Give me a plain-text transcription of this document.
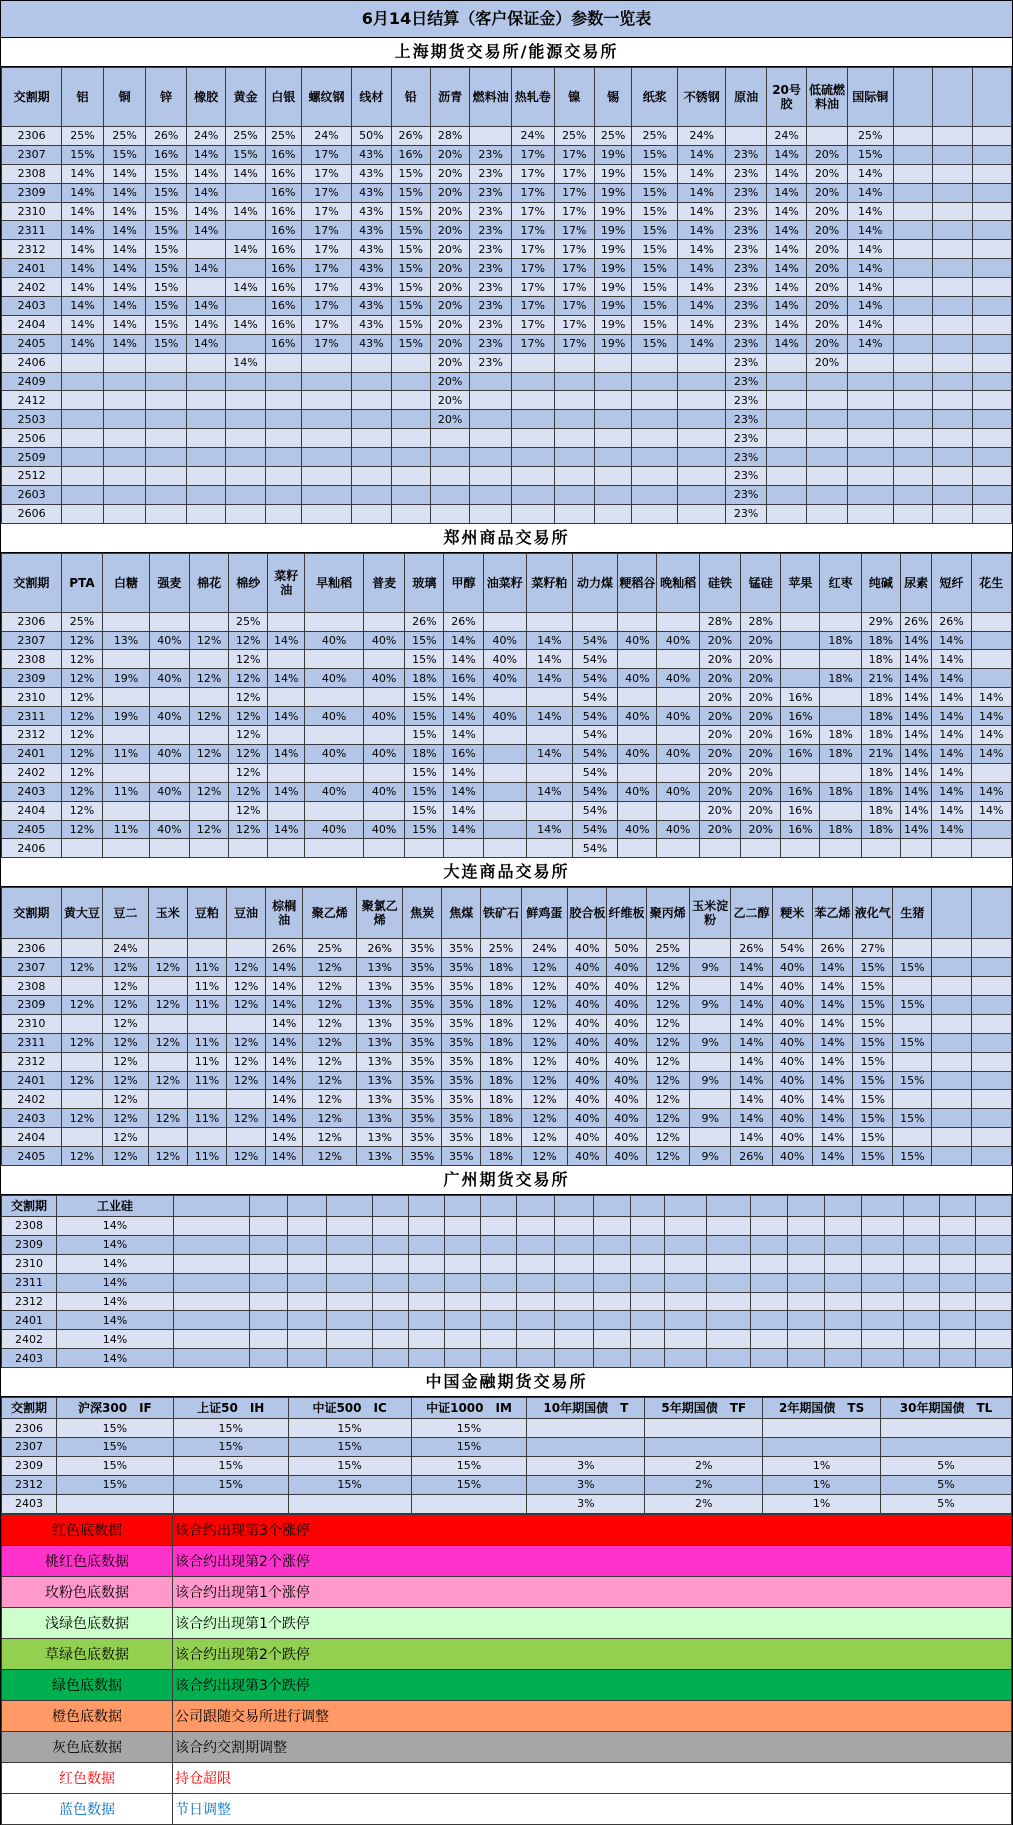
6月14日结算（客户保证金）参数一览表
上海期货交易所/能源交易所
交割期	铝	铜	锌	橡胶	黄金	白银	螺纹钢	线材	铅	沥青	燃料油	热轧卷	镍	锡	纸浆	不锈钢	原油	20号胶	低硫燃料油	国际铜			
2306	25%	25%	26%	24%	25%	25%	24%	50%	26%	28%		24%	25%	25%	25%	24%		24%		25%			
2307	15%	15%	16%	14%	15%	16%	17%	43%	16%	20%	23%	17%	17%	19%	15%	14%	23%	14%	20%	15%			
2308	14%	14%	15%	14%	14%	16%	17%	43%	15%	20%	23%	17%	17%	19%	15%	14%	23%	14%	20%	14%			
2309	14%	14%	15%	14%		16%	17%	43%	15%	20%	23%	17%	17%	19%	15%	14%	23%	14%	20%	14%			
2310	14%	14%	15%	14%	14%	16%	17%	43%	15%	20%	23%	17%	17%	19%	15%	14%	23%	14%	20%	14%			
2311	14%	14%	15%	14%		16%	17%	43%	15%	20%	23%	17%	17%	19%	15%	14%	23%	14%	20%	14%			
2312	14%	14%	15%		14%	16%	17%	43%	15%	20%	23%	17%	17%	19%	15%	14%	23%	14%	20%	14%			
2401	14%	14%	15%	14%		16%	17%	43%	15%	20%	23%	17%	17%	19%	15%	14%	23%	14%	20%	14%			
2402	14%	14%	15%		14%	16%	17%	43%	15%	20%	23%	17%	17%	19%	15%	14%	23%	14%	20%	14%			
2403	14%	14%	15%	14%		16%	17%	43%	15%	20%	23%	17%	17%	19%	15%	14%	23%	14%	20%	14%			
2404	14%	14%	15%	14%	14%	16%	17%	43%	15%	20%	23%	17%	17%	19%	15%	14%	23%	14%	20%	14%			
2405	14%	14%	15%	14%		16%	17%	43%	15%	20%	23%	17%	17%	19%	15%	14%	23%	14%	20%	14%			
2406					14%					20%	23%						23%		20%				
2409										20%							23%						
2412										20%							23%						
2503										20%							23%						
2506																	23%						
2509																	23%						
2512																	23%						
2603																	23%						
2606																	23%						
郑州商品交易所
交割期	PTA	白糖	强麦	棉花	棉纱	菜籽油	早籼稻	普麦	玻璃	甲醇	油菜籽	菜籽粕	动力煤	粳稻谷	晚籼稻	硅铁	锰硅	苹果	红枣	纯碱	尿素	短纤	花生
2306	25%				25%				26%	26%						28%	28%			29%	26%	26%	
2307	12%	13%	40%	12%	12%	14%	40%	40%	15%	14%	40%	14%	54%	40%	40%	20%	20%		18%	18%	14%	14%	
2308	12%				12%				15%	14%	40%	14%	54%			20%	20%			18%	14%	14%	
2309	12%	19%	40%	12%	12%	14%	40%	40%	18%	16%	40%	14%	54%	40%	40%	20%	20%		18%	21%	14%	14%	
2310	12%				12%				15%	14%			54%			20%	20%	16%		18%	14%	14%	14%
2311	12%	19%	40%	12%	12%	14%	40%	40%	15%	14%	40%	14%	54%	40%	40%	20%	20%	16%		18%	14%	14%	14%
2312	12%				12%				15%	14%			54%			20%	20%	16%	18%	18%	14%	14%	14%
2401	12%	11%	40%	12%	12%	14%	40%	40%	18%	16%		14%	54%	40%	40%	20%	20%	16%	18%	21%	14%	14%	14%
2402	12%				12%				15%	14%			54%			20%	20%			18%	14%	14%	
2403	12%	11%	40%	12%	12%	14%	40%	40%	15%	14%		14%	54%	40%	40%	20%	20%	16%	18%	18%	14%	14%	14%
2404	12%				12%				15%	14%			54%			20%	20%	16%		18%	14%	14%	14%
2405	12%	11%	40%	12%	12%	14%	40%	40%	15%	14%		14%	54%	40%	40%	20%	20%	16%	18%	18%	14%	14%	
2406													54%										
大连商品交易所
交割期	黄大豆	豆二	玉米	豆粕	豆油	棕榈油	聚乙烯	聚氯乙烯	焦炭	焦煤	铁矿石	鲜鸡蛋	胶合板	纤维板	聚丙烯	玉米淀粉	乙二醇	粳米	苯乙烯	液化气	生猪		
2306		24%				26%	25%	26%	35%	35%	25%	24%	40%	50%	25%		26%	54%	26%	27%			
2307	12%	12%	12%	11%	12%	14%	12%	13%	35%	35%	18%	12%	40%	40%	12%	9%	14%	40%	14%	15%	15%		
2308		12%		11%	12%	14%	12%	13%	35%	35%	18%	12%	40%	40%	12%		14%	40%	14%	15%			
2309	12%	12%	12%	11%	12%	14%	12%	13%	35%	35%	18%	12%	40%	40%	12%	9%	14%	40%	14%	15%	15%		
2310		12%				14%	12%	13%	35%	35%	18%	12%	40%	40%	12%		14%	40%	14%	15%			
2311	12%	12%	12%	11%	12%	14%	12%	13%	35%	35%	18%	12%	40%	40%	12%	9%	14%	40%	14%	15%	15%		
2312		12%		11%	12%	14%	12%	13%	35%	35%	18%	12%	40%	40%	12%		14%	40%	14%	15%			
2401	12%	12%	12%	11%	12%	14%	12%	13%	35%	35%	18%	12%	40%	40%	12%	9%	14%	40%	14%	15%	15%		
2402		12%				14%	12%	13%	35%	35%	18%	12%	40%	40%	12%		14%	40%	14%	15%			
2403	12%	12%	12%	11%	12%	14%	12%	13%	35%	35%	18%	12%	40%	40%	12%	9%	14%	40%	14%	15%	15%		
2404		12%				14%	12%	13%	35%	35%	18%	12%	40%	40%	12%		14%	40%	14%	15%			
2405	12%	12%	12%	11%	12%	14%	12%	13%	35%	35%	18%	12%	40%	40%	12%	9%	26%	40%	14%	15%	15%		
广州期货交易所
交割期	工业硅																					
2308	14%																					
2309	14%																					
2310	14%																					
2311	14%																					
2312	14%																					
2401	14%																					
2402	14%																					
2403	14%																					
中国金融期货交易所
交割期	沪深300　IF	上证50　IH	中证500　IC	中证1000　IM	10年期国债　T	5年期国债　TF	2年期国债　TS	30年期国债　TL
2306	15%	15%	15%	15%				
2307	15%	15%	15%	15%				
2309	15%	15%	15%	15%	3%	2%	1%	5%
2312	15%	15%	15%	15%	3%	2%	1%	5%
2403					3%	2%	1%	5%
红色底数据	该合约出现第3个涨停
桃红色底数据	该合约出现第2个涨停
玫粉色底数据	该合约出现第1个涨停
浅绿色底数据	该合约出现第1个跌停
草绿色底数据	该合约出现第2个跌停
绿色底数据	该合约出现第3个跌停
橙色底数据	公司跟随交易所进行调整
灰色底数据	该合约交割期调整
红色数据	持仓超限
蓝色数据	节日调整
